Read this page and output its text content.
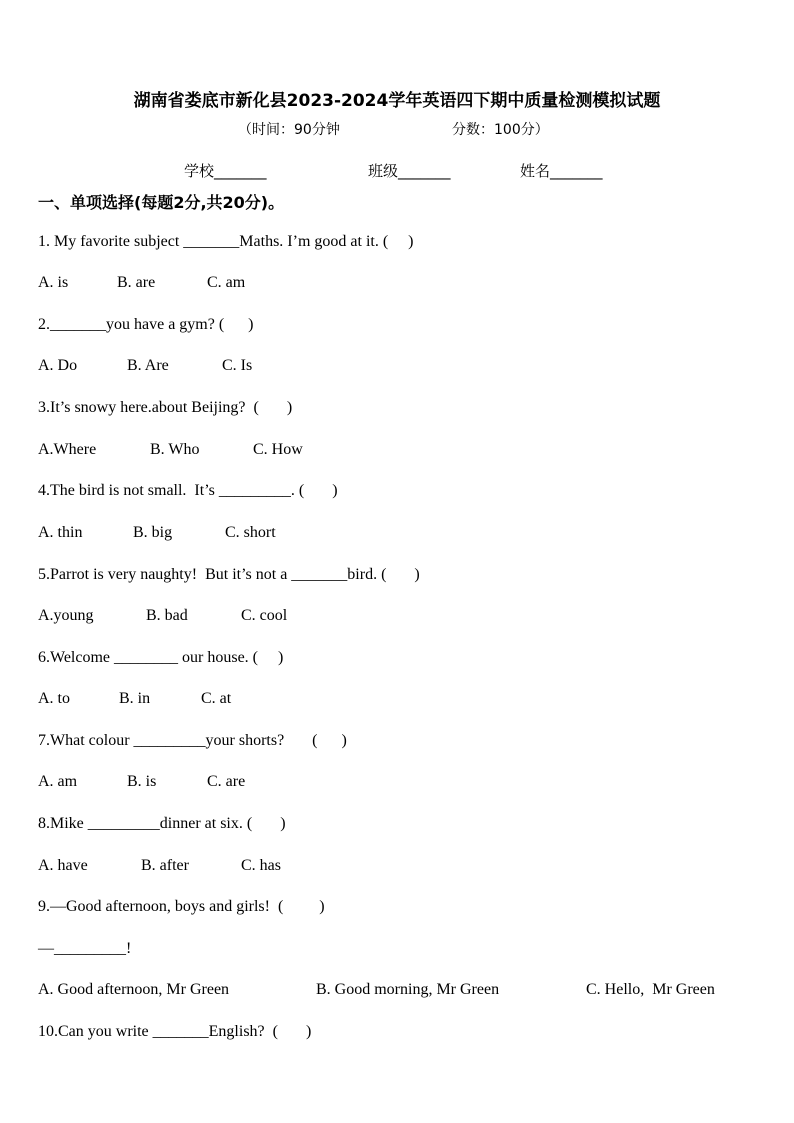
湖南省娄底市新化县2023-2024学年英语四下期中质量检测模拟试题
（时间：90分钟	分数：100分）
学校_______	班级_______	姓名_______
一、单项选择(每题2分,共20分)。
1. My favorite subject _______Maths. I’m good at it. (     )
A. is	B. are	C. am
2._______you have a gym? (      )
A. Do	B. Are	C. Is
3.It’s snowy here.about Beijing?  (       )
A.Where	B. Who	C. How
4.The bird is not small.  It’s _________. (       )
A. thin	B. big	C. short
5.Parrot is very naughty!  But it’s not a _______bird. (       )
A.young	B. bad	C. cool
6.Welcome ________ our house. (     )
A. to	B. in	C. at
7.What colour _________your shorts?       (      )
A. am	B. is	C. are
8.Mike _________dinner at six. (       )
A. have	B. after	C. has
9.—Good afternoon, boys and girls!  (         )
—_________!
A. Good afternoon, Mr Green	B. Good morning, Mr Green	C. Hello,  Mr Green
10.Can you write _______English?  (       )
